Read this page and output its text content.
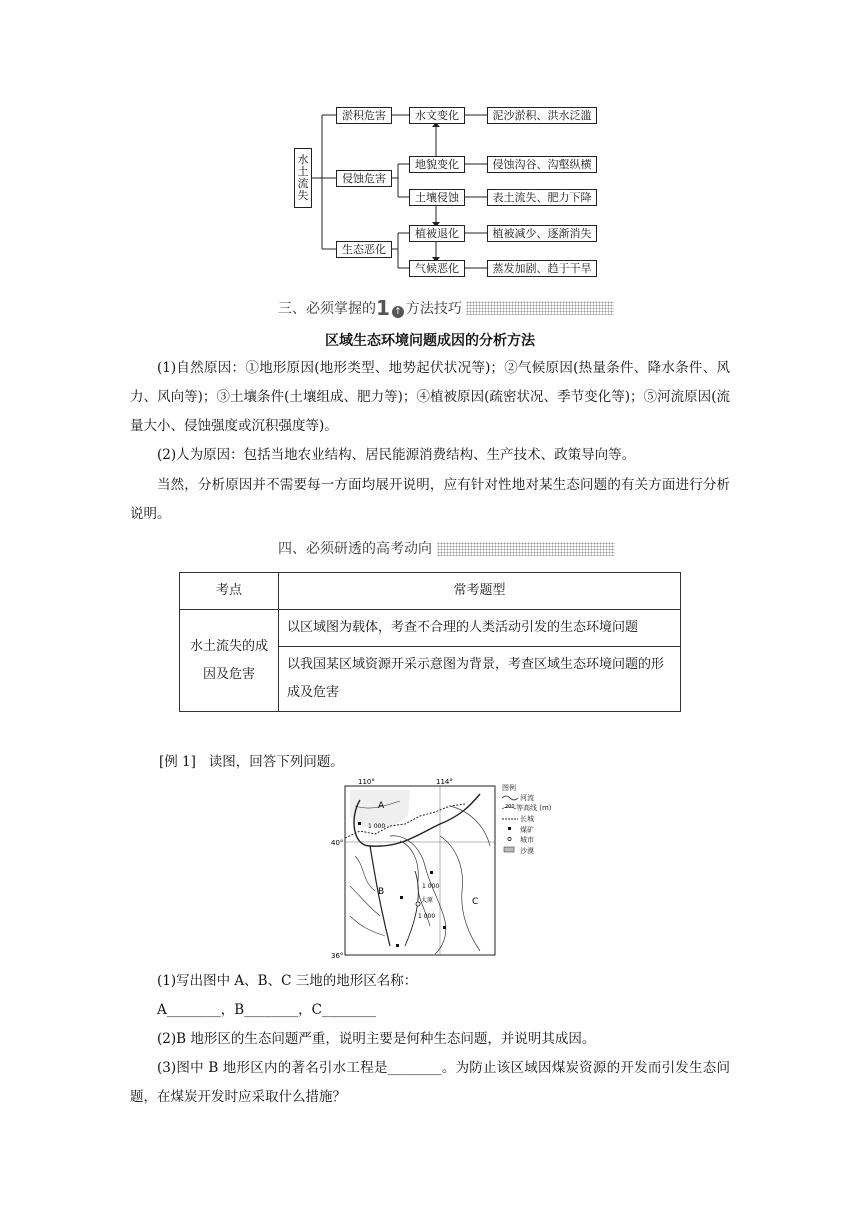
水土流失
淤积危害
侵蚀危害
生态恶化
水文变化
地貌变化
土壤侵蚀
植被退化
气候恶化
泥沙淤积、洪水泛滥
侵蚀沟谷、沟壑纵横
表土流失、肥力下降
植被减少、逐渐消失
蒸发加剧、趋于干旱
三、必须掌握的1 ↑ 方法技巧
区域生态环境问题成因的分析方法
(1)自然原因：①地形原因(地形类型、地势起伏状况等)；②气候原因(热量条件、降水条件、风力、风向等)；③土壤条件(土壤组成、肥力等)；④植被原因(疏密状况、季节变化等)；⑤河流原因(流量大小、侵蚀强度或沉积强度等)。
(2)人为原因：包括当地农业结构、居民能源消费结构、生产技术、政策导向等。
当然，分析原因并不需要每一方面均展开说明，应有针对性地对某生态问题的有关方面进行分析说明。
四、必须研透的高考动向
考点	常考题型
水土流失的成因及危害	以区域图为载体，考查不合理的人类活动引发的生态环境问题
	以我国某区域资源开采示意图为背景，考查区域生态环境问题的形成及危害
[例 1] 读图，回答下列问题。
110°	114°
40°
36°
A
B
C
1 000
1 000
1 000
太原
图例
河流
200 等高线 (m)
长城
煤矿
城市
沙漠
(1)写出图中 A、B、C 三地的地形区名称：
A________，B________，C________
(2)B 地形区的生态问题严重，说明主要是何种生态问题，并说明其成因。
(3)图中 B 地形区内的著名引水工程是________。为防止该区域因煤炭资源的开发而引发生态问题，在煤炭开发时应采取什么措施？
